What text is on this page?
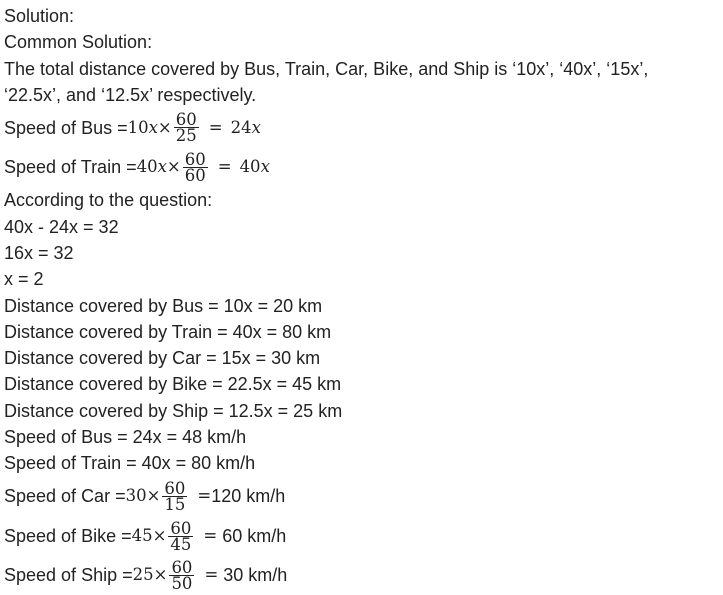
Solution:
Common Solution:
The total distance covered by Bus, Train, Car, Bike, and Ship is ‘10x’, ‘40x’, ‘15x’,
‘22.5x’, and ‘12.5x’ respectively.
Speed of Bus = 10 $x \times \frac{60}{25} = 24$ x
Speed of Train = 40 $x \times \frac{60}{60} = 40$ x
According to the question:
40x - 24x = 32
16x = 32
x = 2
Distance covered by Bus = 10x = 20 km
Distance covered by Train = 40x = 80 km
Distance covered by Car = 15x = 30 km
Distance covered by Bike = 22.5x = 45 km
Distance covered by Ship = 12.5x = 25 km
Speed of Bus = 24x = 48 km/h
Speed of Train = 40x = 80 km/h
Speed of Car = $30 \times \frac{60}{15} = 120$ km/h
Speed of Bike = $45 \times \frac{60}{45} = 60$ km/h
Speed of Ship = $25 \times \frac{60}{50} = 30$ km/h
